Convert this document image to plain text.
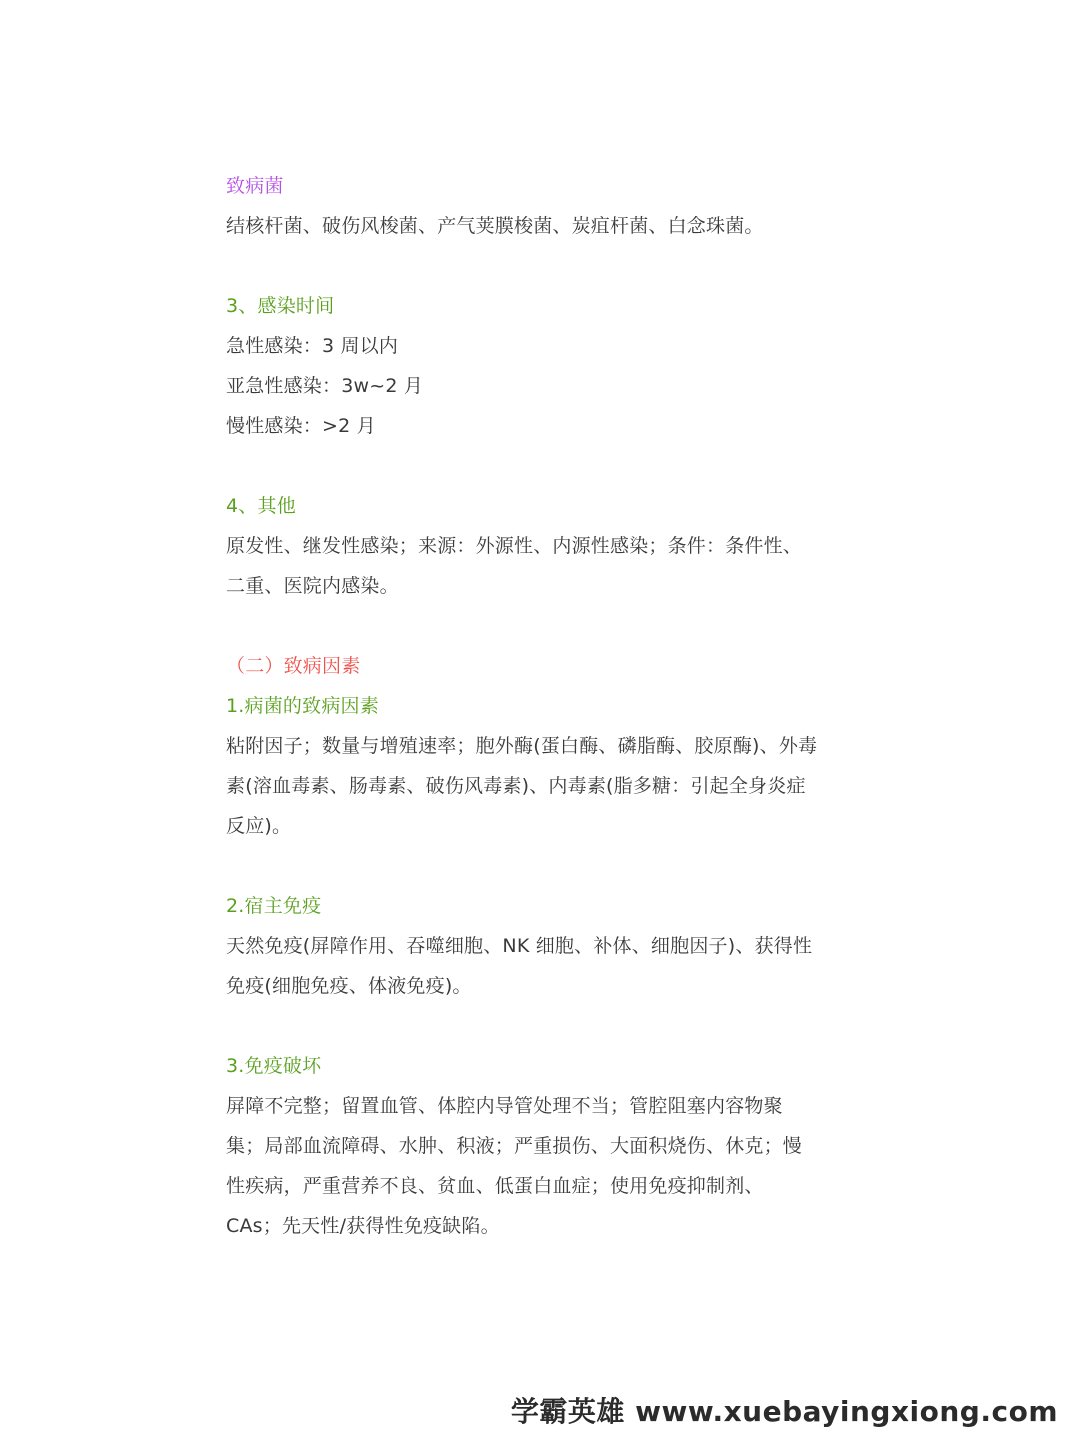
致病菌
结核杆菌、破伤风梭菌、产气荚膜梭菌、炭疽杆菌、白念珠菌。
3、感染时间
急性感染：3 周以内
亚急性感染：3w~2 月
慢性感染：>2 月
4、其他
原发性、继发性感染；来源：外源性、内源性感染；条件：条件性、
二重、医院内感染。
（二）致病因素
1.病菌的致病因素
粘附因子；数量与增殖速率；胞外酶(蛋白酶、磷脂酶、胶原酶)、外毒
素(溶血毒素、肠毒素、破伤风毒素)、内毒素(脂多糖：引起全身炎症
反应)。
2.宿主免疫
天然免疫(屏障作用、吞噬细胞、NK 细胞、补体、细胞因子)、获得性
免疫(细胞免疫、体液免疫)。
3.免疫破坏
屏障不完整；留置血管、体腔内导管处理不当；管腔阻塞内容物聚
集；局部血流障碍、水肿、积液；严重损伤、大面积烧伤、休克；慢
性疾病，严重营养不良、贫血、低蛋白血症；使用免疫抑制剂、
CAs；先天性/获得性免疫缺陷。
学霸英雄 www.xuebayingxiong.com
